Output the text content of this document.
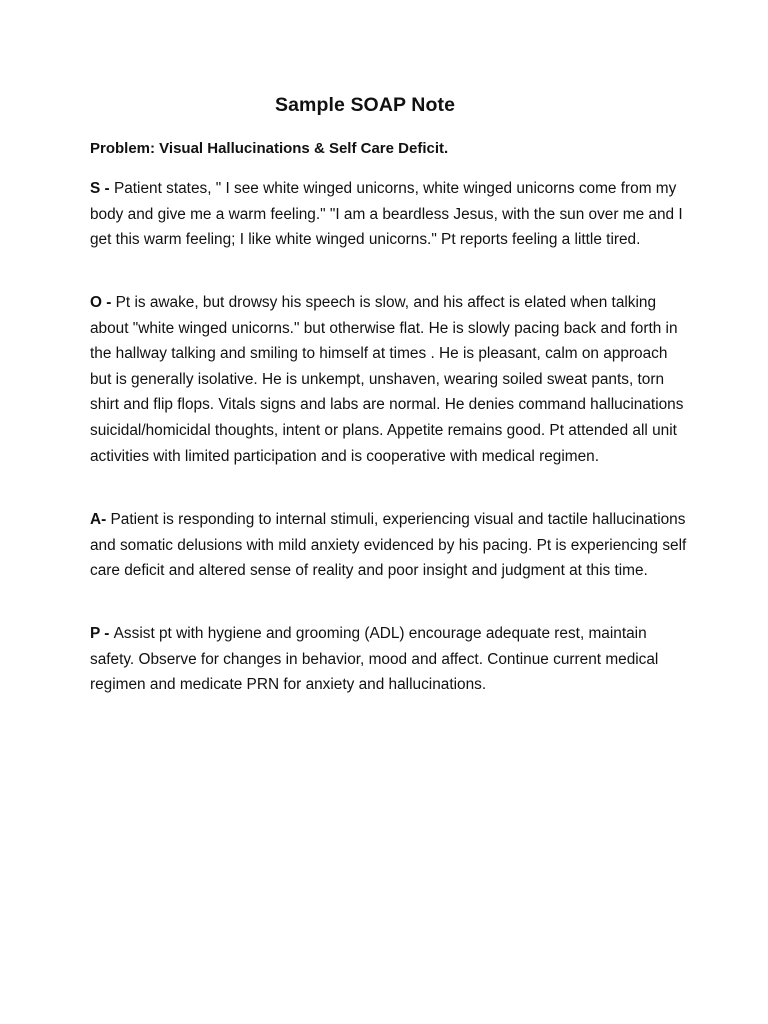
Sample SOAP Note

Problem: Visual Hallucinations & Self Care Deficit.

S - Patient states, " I see white winged unicorns, white winged unicorns come from my body and give me a warm feeling." "I am a beardless Jesus, with the sun over me and I get this warm feeling; I like white winged unicorns." Pt reports feeling a little tired.

O - Pt is awake, but drowsy his speech is slow, and his affect is elated when talking about "white winged unicorns." but otherwise flat. He is slowly pacing back and forth in the hallway talking and smiling to himself at times . He is pleasant, calm on approach but is generally isolative. He is unkempt, unshaven, wearing soiled sweat pants, torn shirt and flip flops. Vitals signs and labs are normal. He denies command hallucinations suicidal/homicidal thoughts, intent or plans. Appetite remains good. Pt attended all unit activities with limited participation and is cooperative with medical regimen.

A- Patient is responding to internal stimuli, experiencing visual and tactile hallucinations and somatic delusions with mild anxiety evidenced by his pacing. Pt is experiencing self care deficit and altered sense of reality and poor insight and judgment at this time.

P - Assist pt with hygiene and grooming (ADL) encourage adequate rest, maintain safety. Observe for changes in behavior, mood and affect. Continue current medical regimen and medicate PRN for anxiety and hallucinations.
